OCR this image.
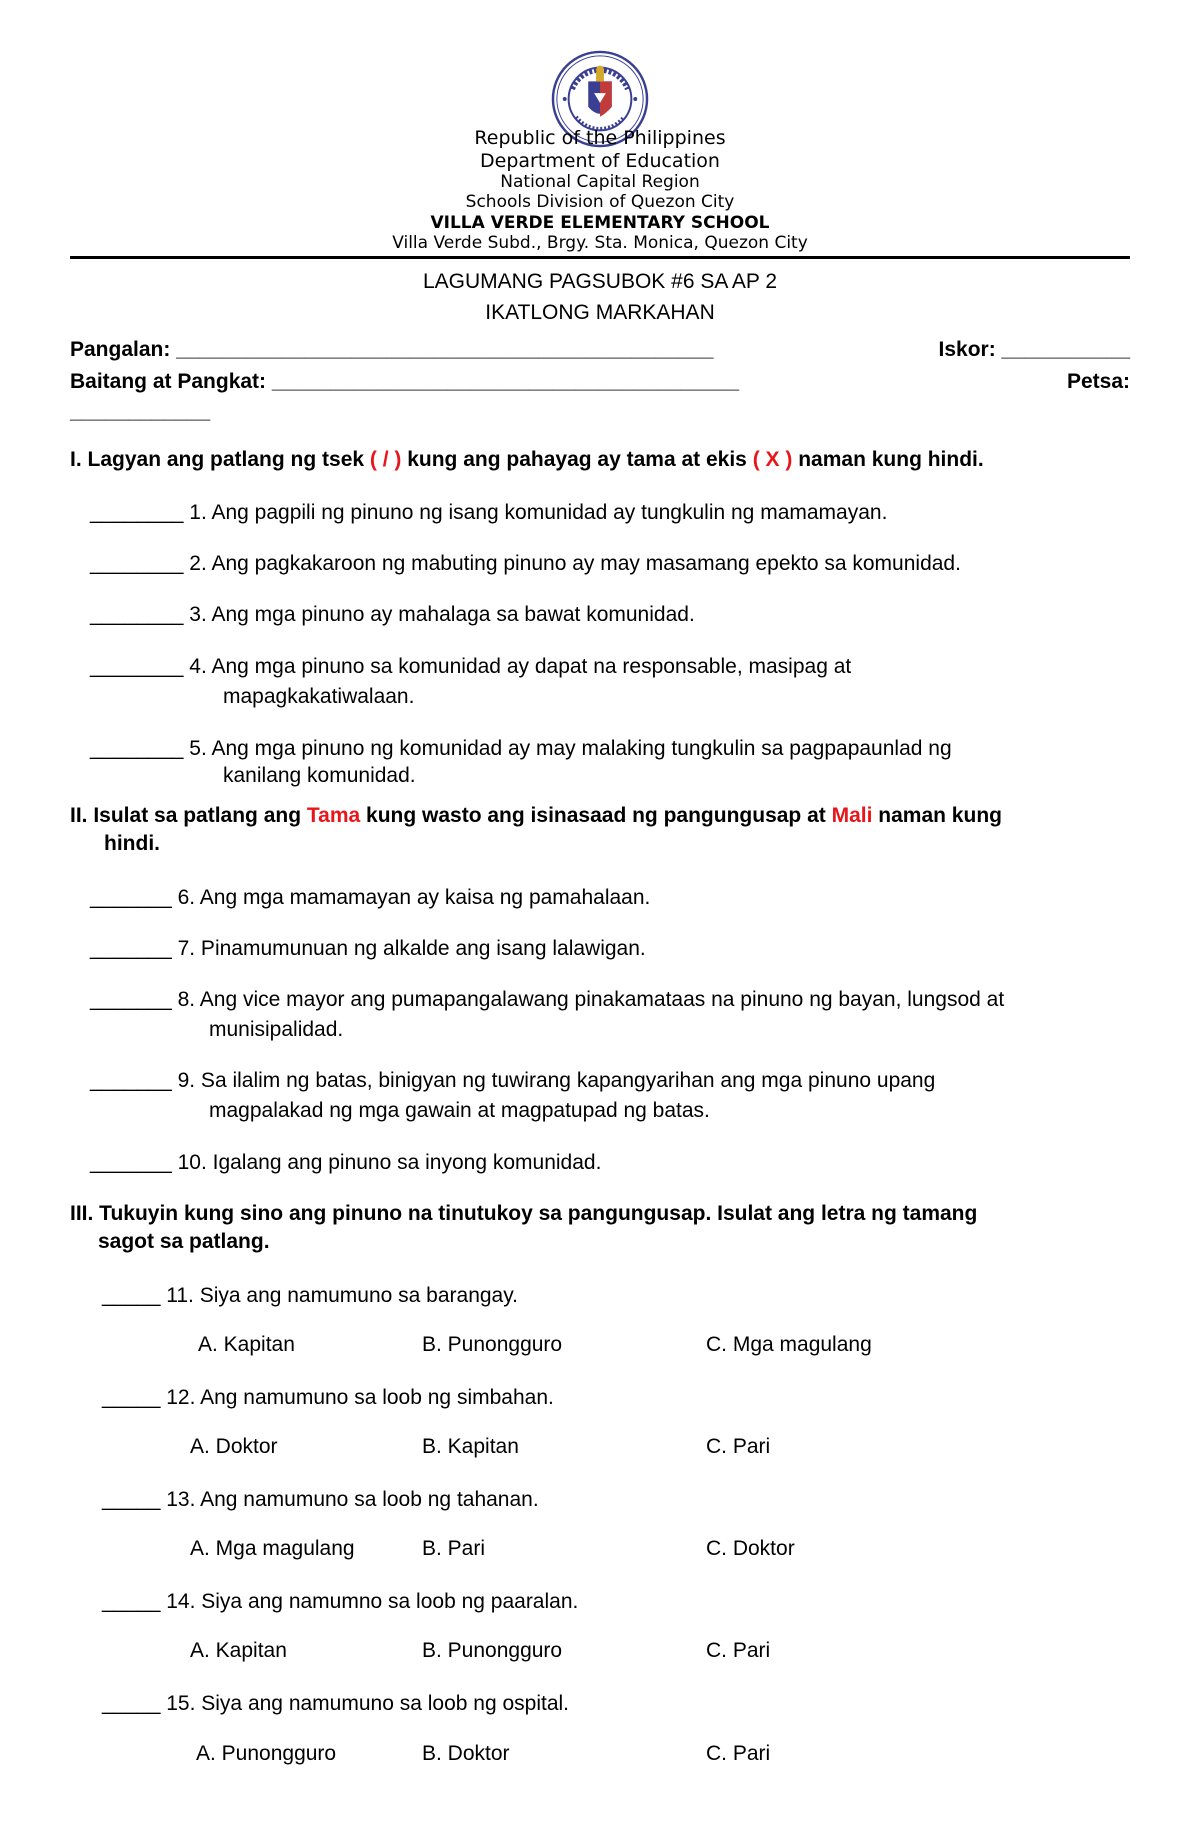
Republic of the Philippines
Department of Education
National Capital Region
Schools Division of Quezon City
VILLA VERDE ELEMENTARY SCHOOL
Villa Verde Subd., Brgy. Sta. Monica, Quezon City
LAGUMANG PAGSUBOK #6 SA AP 2
IKATLONG MARKAHAN
Pangalan: ______________________________________________	Iskor: ___________
Baitang at Pangkat: ________________________________________	Petsa:
____________
I. Lagyan ang patlang ng tsek ( / ) kung ang pahayag ay tama at ekis ( X ) naman kung hindi.
________ 1. Ang pagpili ng pinuno ng isang komunidad ay tungkulin ng mamamayan.
________ 2. Ang pagkakaroon ng mabuting pinuno ay may masamang epekto sa komunidad.
________ 3. Ang mga pinuno ay mahalaga sa bawat komunidad.
________ 4. Ang mga pinuno sa komunidad ay dapat na responsable, masipag at
mapagkakatiwalaan.
________ 5. Ang mga pinuno ng komunidad ay may malaking tungkulin sa pagpapaunlad ng
kanilang komunidad.
II. Isulat sa patlang ang Tama kung wasto ang isinasaad ng pangungusap at Mali naman kung
hindi.
_______ 6. Ang mga mamamayan ay kaisa ng pamahalaan.
_______ 7. Pinamumunuan ng alkalde ang isang lalawigan.
_______ 8. Ang vice mayor ang pumapangalawang pinakamataas na pinuno ng bayan, lungsod at
munisipalidad.
_______ 9. Sa ilalim ng batas, binigyan ng tuwirang kapangyarihan ang mga pinuno upang
magpalakad ng mga gawain at magpatupad ng batas.
_______ 10. Igalang ang pinuno sa inyong komunidad.
III. Tukuyin kung sino ang pinuno na tinutukoy sa pangungusap. Isulat ang letra ng tamang
sagot sa patlang.
_____ 11. Siya ang namumuno sa barangay.
A. Kapitan	B. Punongguro	C. Mga magulang
_____ 12. Ang namumuno sa loob ng simbahan.
A. Doktor	B. Kapitan	C. Pari
_____ 13. Ang namumuno sa loob ng tahanan.
A. Mga magulang	B. Pari	C. Doktor
_____ 14. Siya ang namumno sa loob ng paaralan.
A. Kapitan	B. Punongguro	C. Pari
_____ 15. Siya ang namumuno sa loob ng ospital.
A. Punongguro	B. Doktor	C. Pari
